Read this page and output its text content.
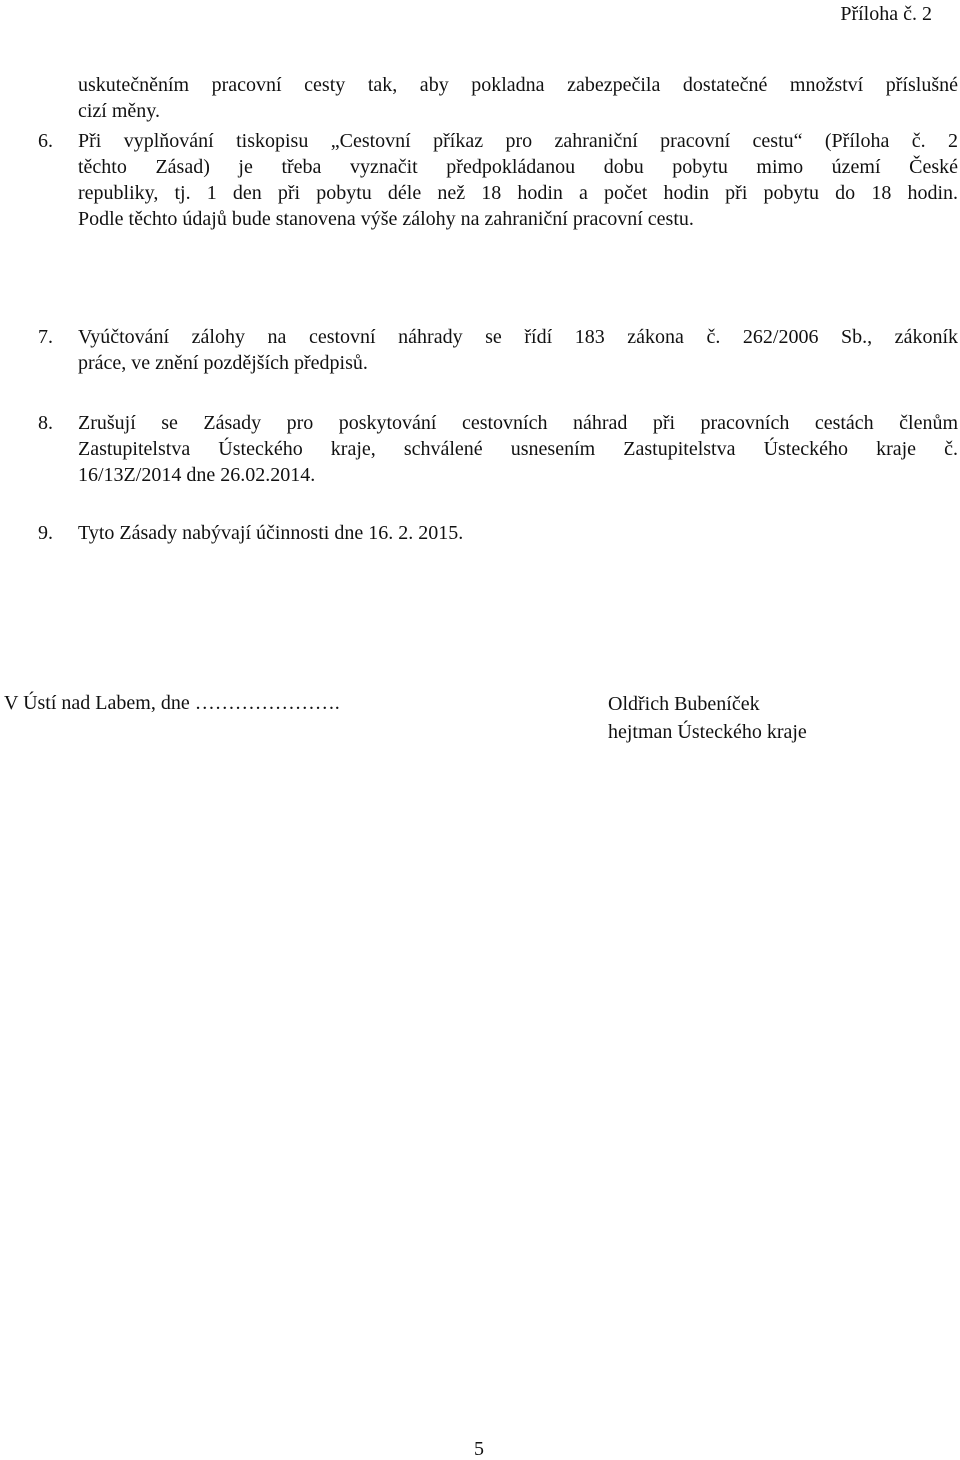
Příloha č. 2
uskutečněním pracovní cesty tak, aby pokladna zabezpečila dostatečné množství příslušné
cizí měny.
6. Při vyplňování tiskopisu „Cestovní příkaz pro zahraniční pracovní cestu“ (Příloha č. 2
těchto Zásad) je třeba vyznačit předpokládanou dobu pobytu mimo území České
republiky, tj. 1 den při pobytu déle než 18 hodin a počet hodin při pobytu do 18 hodin.
Podle těchto údajů bude stanovena výše zálohy na zahraniční pracovní cestu.
7. Vyúčtování zálohy na cestovní náhrady se řídí 183 zákona č. 262/2006 Sb., zákoník
práce, ve znění pozdějších předpisů.
8. Zrušují se Zásady pro poskytování cestovních náhrad při pracovních cestách členům
Zastupitelstva Ústeckého kraje, schválené usnesením Zastupitelstva Ústeckého kraje č.
16/13Z/2014 dne 26.02.2014.
9. Tyto Zásady nabývají účinnosti dne 16. 2. 2015.
V Ústí nad Labem, dne ………………….	Oldřich Bubeníček
hejtman Ústeckého kraje
5
